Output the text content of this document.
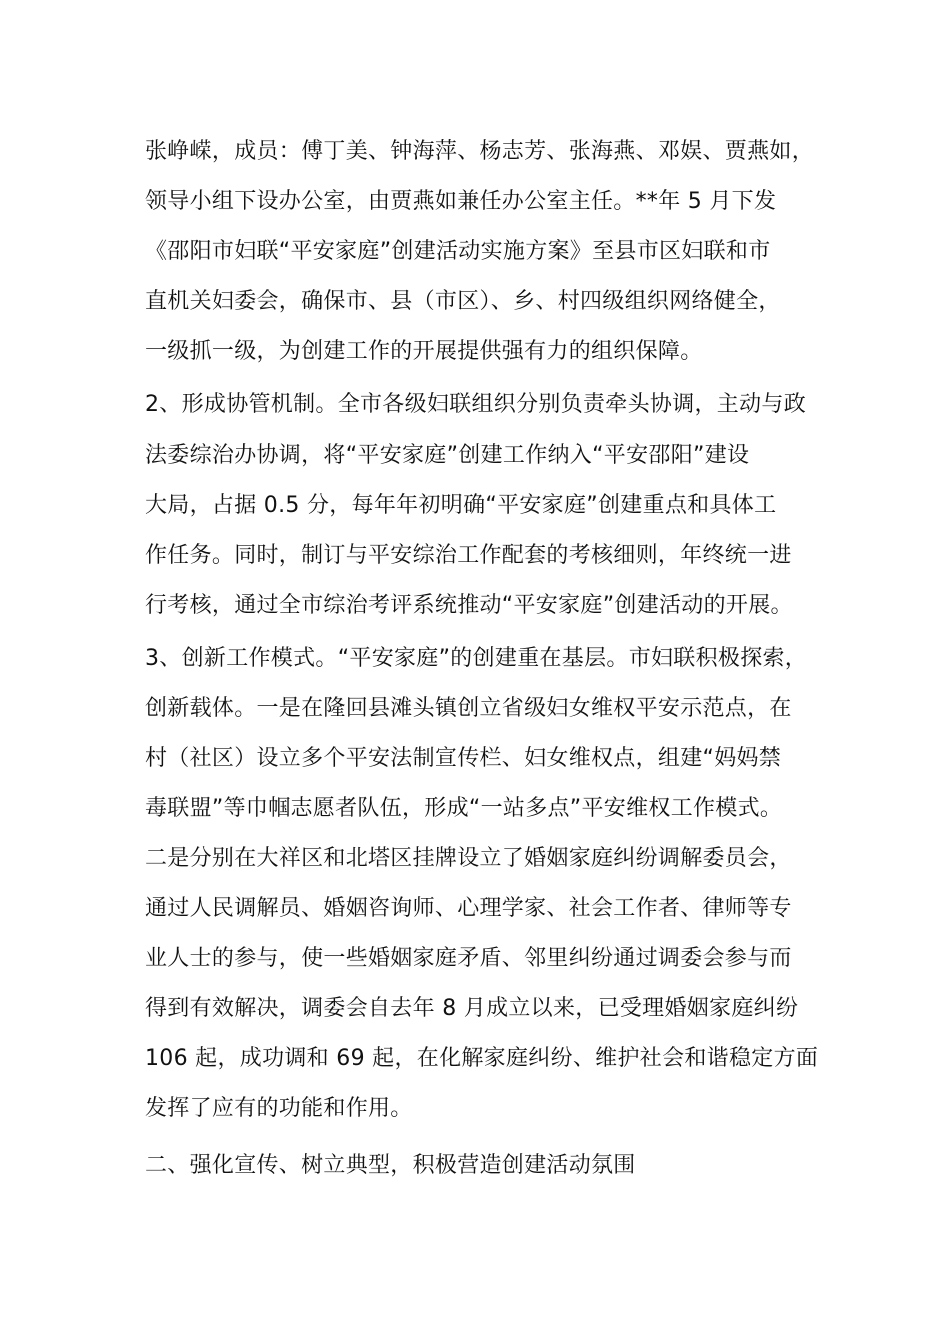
张峥嵘，成员：傅丁美、钟海萍、杨志芳、张海燕、邓娱、贾燕如，
领导小组下设办公室，由贾燕如兼任办公室主任。**年 5 月下发
《邵阳市妇联“平安家庭”创建活动实施方案》至县市区妇联和市
直机关妇委会，确保市、县（市区）、乡、村四级组织网络健全，
一级抓一级，为创建工作的开展提供强有力的组织保障。
2、形成协管机制。全市各级妇联组织分别负责牵头协调，主动与政
法委综治办协调，将“平安家庭”创建工作纳入“平安邵阳”建设
大局，占据 0.5 分，每年年初明确“平安家庭”创建重点和具体工
作任务。同时，制订与平安综治工作配套的考核细则，年终统一进
行考核，通过全市综治考评系统推动“平安家庭”创建活动的开展。
3、创新工作模式。“平安家庭”的创建重在基层。市妇联积极探索，
创新载体。一是在隆回县滩头镇创立省级妇女维权平安示范点，在
村（社区）设立多个平安法制宣传栏、妇女维权点，组建“妈妈禁
毒联盟”等巾帼志愿者队伍，形成“一站多点”平安维权工作模式。
二是分别在大祥区和北塔区挂牌设立了婚姻家庭纠纷调解委员会，
通过人民调解员、婚姻咨询师、心理学家、社会工作者、律师等专
业人士的参与，使一些婚姻家庭矛盾、邻里纠纷通过调委会参与而
得到有效解决，调委会自去年 8 月成立以来，已受理婚姻家庭纠纷
106 起，成功调和 69 起，在化解家庭纠纷、维护社会和谐稳定方面
发挥了应有的功能和作用。
二、强化宣传、树立典型，积极营造创建活动氛围
